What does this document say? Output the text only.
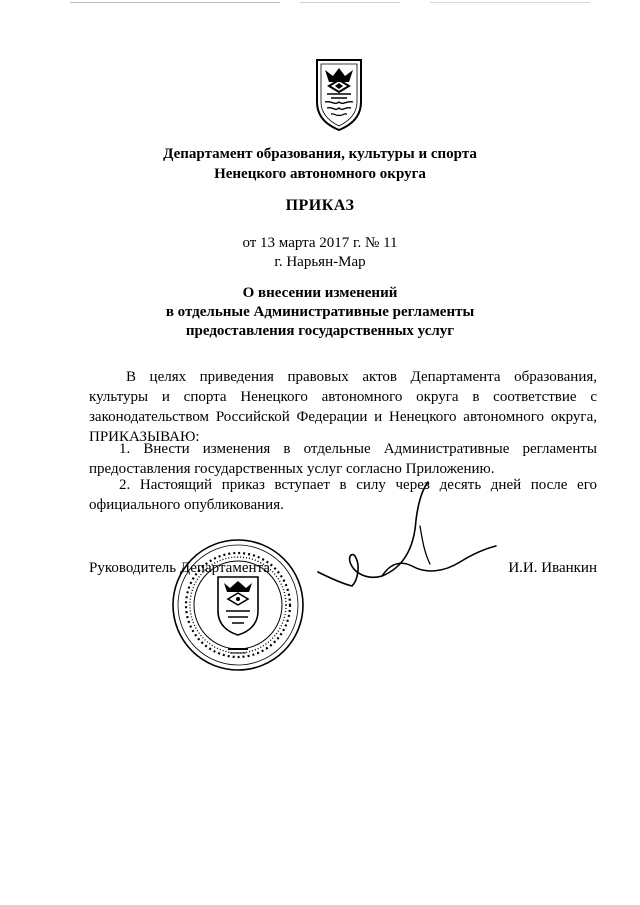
Департамент образования, культуры и спорта
Ненецкого автономного округа
ПРИКАЗ
от 13 марта 2017 г. № 11
г. Нарьян-Мар
О внесении изменений
в отдельные Административные регламенты
предоставления государственных услуг
В целях приведения правовых актов Департамента образования,
культуры и спорта Ненецкого автономного округа в соответствие с
законодательством Российской Федерации и Ненецкого автономного округа,
ПРИКАЗЫВАЮ:
1. Внести изменения в отдельные Административные регламенты
предоставления государственных услуг согласно Приложению.
2. Настоящий приказ вступает в силу через десять дней после его
официального опубликования.
Руководитель Департамента	И.И. Иванкин
